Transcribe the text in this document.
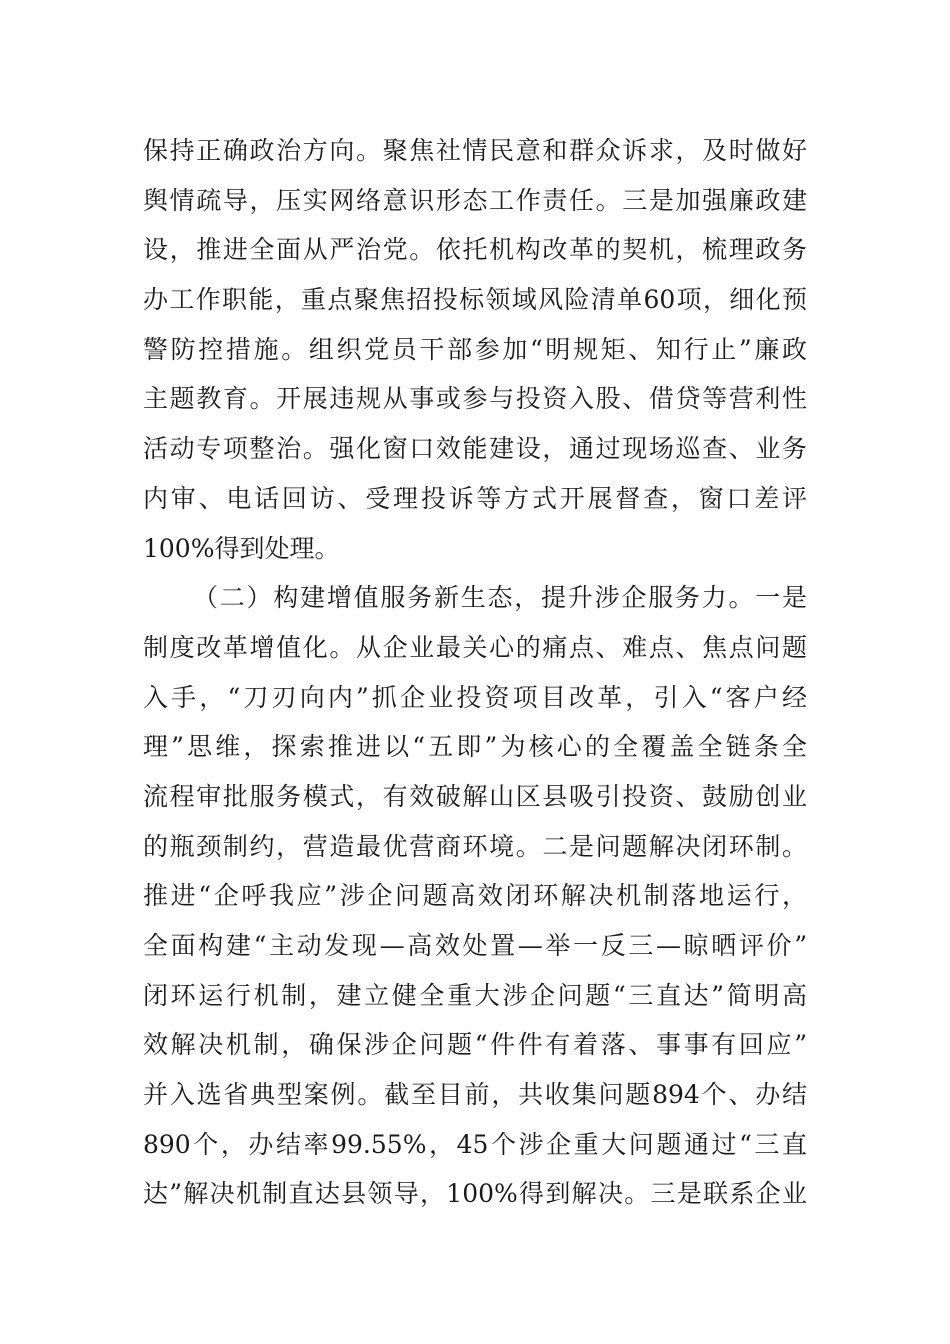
保持正确政治方向。聚焦社情民意和群众诉求，及时做好
舆情疏导，压实网络意识形态工作责任。三是加强廉政建
设，推进全面从严治党。依托机构改革的契机，梳理政务
办工作职能，重点聚焦招投标领域风险清单60项，细化预
警防控措施。组织党员干部参加“明规矩、知行止”廉政
主题教育。开展违规从事或参与投资入股、借贷等营利性
活动专项整治。强化窗口效能建设，通过现场巡查、业务
内审、电话回访、受理投诉等方式开展督查，窗口差评
100%得到处理。
（二）构建增值服务新生态，提升涉企服务力。一是
制度改革增值化。从企业最关心的痛点、难点、焦点问题
入手，“刀刃向内”抓企业投资项目改革，引入“客户经
理”思维，探索推进以“五即”为核心的全覆盖全链条全
流程审批服务模式，有效破解山区县吸引投资、鼓励创业
的瓶颈制约，营造最优营商环境。二是问题解决闭环制。
推进“企呼我应”涉企问题高效闭环解决机制落地运行，
全面构建“主动发现—高效处置—举一反三—晾晒评价”
闭环运行机制，建立健全重大涉企问题“三直达”简明高
效解决机制，确保涉企问题“件件有着落、事事有回应”
并入选省典型案例。截至目前，共收集问题894个、办结
890个，办结率99.55%，45个涉企重大问题通过“三直
达”解决机制直达县领导，100%得到解决。三是联系企业
